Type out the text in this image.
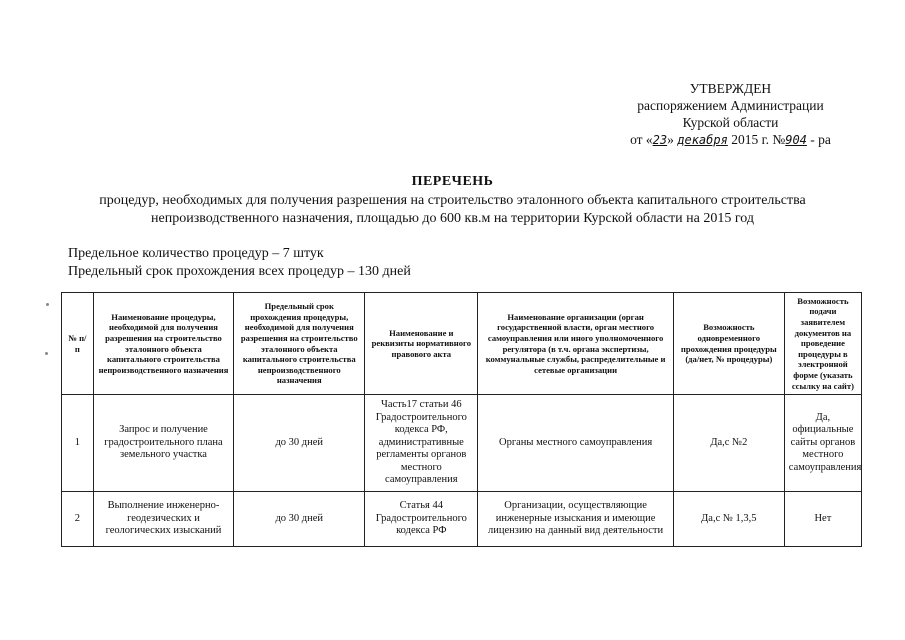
УТВЕРЖДЕН
распоряжением Администрации
Курской области
от «23» декабря 2015 г. №904 - ра
ПЕРЕЧЕНЬ
процедур, необходимых для получения разрешения на строительство эталонного объекта капитального строительства
непроизводственного назначения, площадью до 600 кв.м на территории Курской области на 2015 год
Предельное количество процедур – 7 штук
Предельный срок прохождения всех процедур – 130 дней
№ п/п	Наименование процедуры, необходимой для получения разрешения на строительство эталонного объекта капитального строительства непроизводственного назначения	Предельный срок прохождения процедуры, необходимой для получения разрешения на строительство эталонного объекта капитального строительства непроизводственного назначения	Наименование и реквизиты нормативного правового акта	Наименование организации (орган государственной власти, орган местного самоуправления или иного уполномоченного регулятора (в т.ч. органа экспертизы, коммунальные службы, распределительные и сетевые организации	Возможность одновременного прохождения процедуры (да/нет, № процедуры)	Возможность подачи заявителем документов на проведение процедуры в электронной форме (указать ссылку на сайт)
1	Запрос и получение градостроительного плана земельного участка	до 30 дней	Часть17 статьи 46 Градостроительного кодекса РФ, административные регламенты органов местного самоуправления	Органы местного самоуправления	Да,с №2	Да, официальные сайты органов местного самоуправления
2	Выполнение инженерно-геодезических и геологических изысканий	до 30 дней	Статья 44 Градостроительного кодекса РФ	Организации, осуществляющие инженерные изыскания и имеющие лицензию на данный вид деятельности	Да,с № 1,3,5	Нет
